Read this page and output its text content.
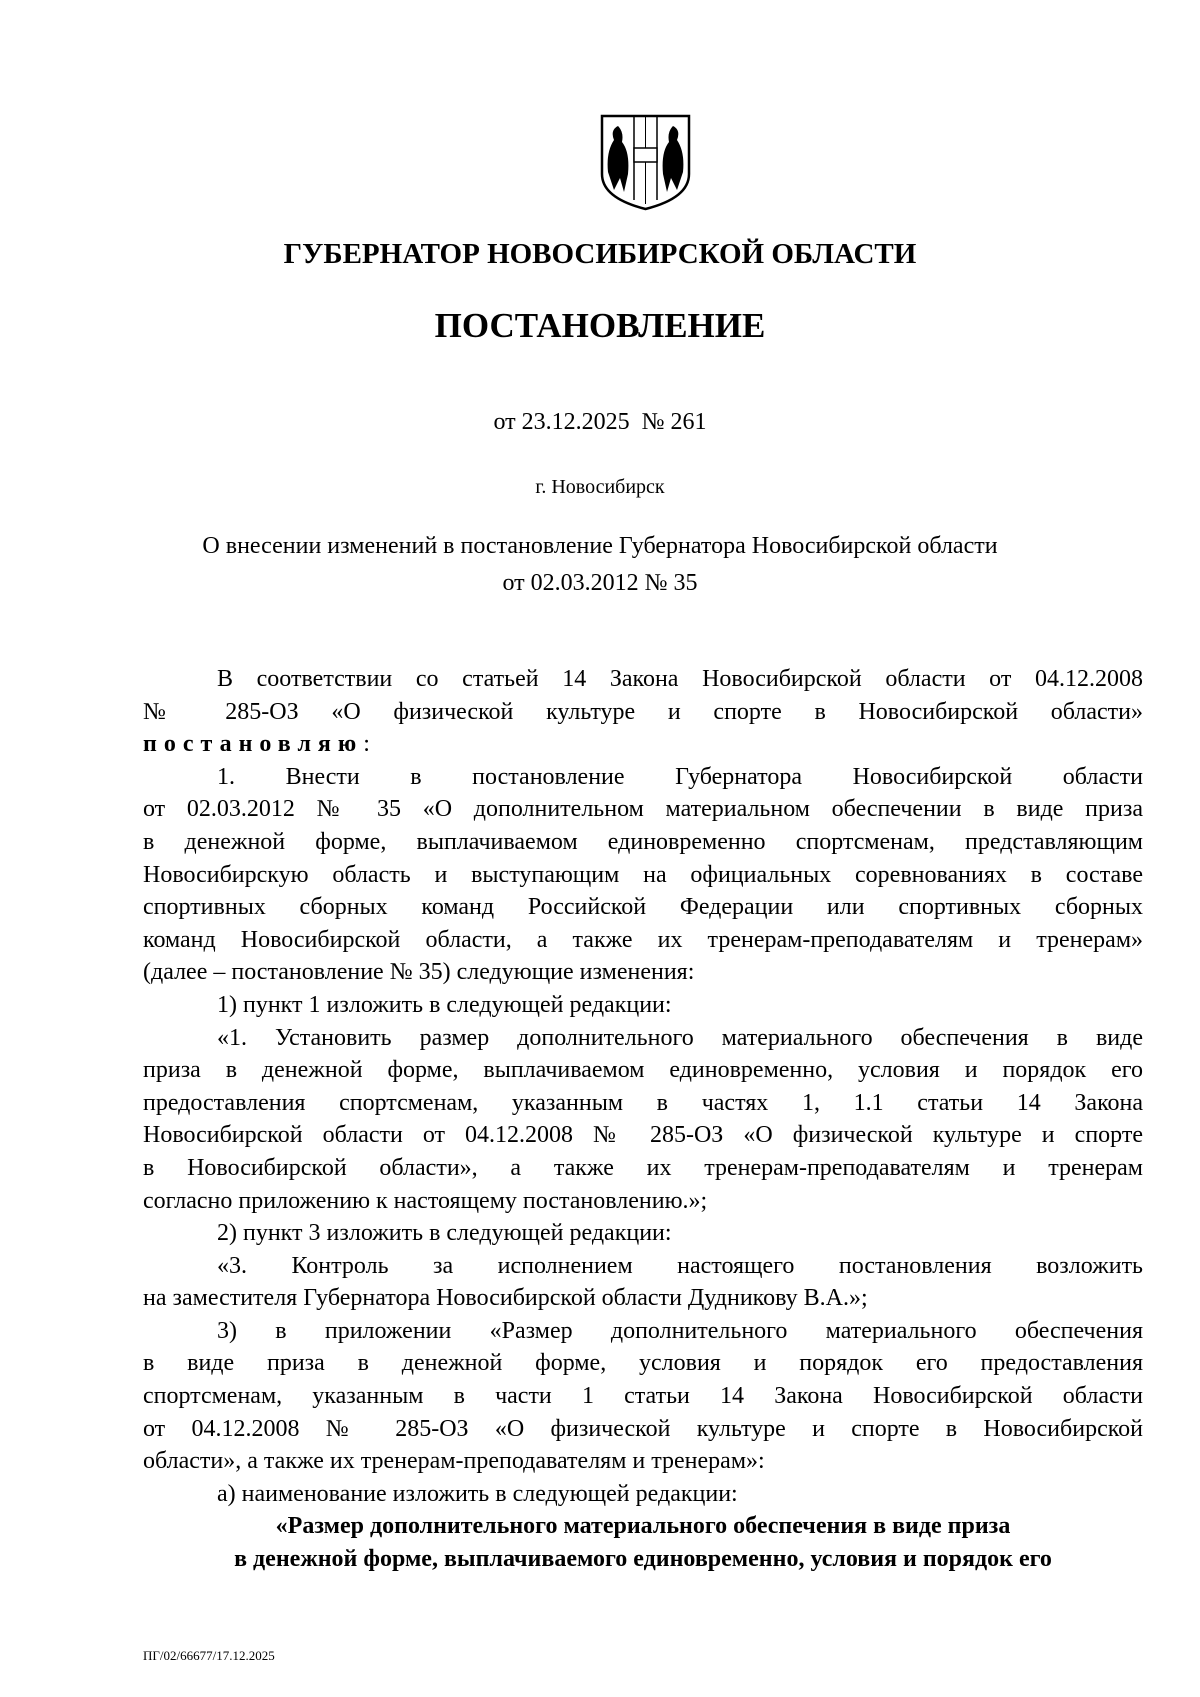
ГУБЕРНАТОР НОВОСИБИРСКОЙ ОБЛАСТИ
ПОСТАНОВЛЕНИЕ
от 23.12.2025  № 261
г. Новосибирск
О внесении изменений в постановление Губернатора Новосибирской области
от 02.03.2012 № 35
В соответствии со статьей 14 Закона Новосибирской области от 04.12.2008
№ 285-ОЗ «О физической культуре и спорте в Новосибирской области»
постановляю:
1. Внести в постановление Губернатора Новосибирской области
от 02.03.2012 № 35 «О дополнительном материальном обеспечении в виде приза
в денежной форме, выплачиваемом единовременно спортсменам, представляющим
Новосибирскую область и выступающим на официальных соревнованиях в составе
спортивных сборных команд Российской Федерации или спортивных сборных
команд Новосибирской области, а также их тренерам-преподавателям и тренерам»
(далее – постановление № 35) следующие изменения:
1) пункт 1 изложить в следующей редакции:
«1. Установить размер дополнительного материального обеспечения в виде
приза в денежной форме, выплачиваемом единовременно, условия и порядок его
предоставления спортсменам, указанным в частях 1, 1.1 статьи 14 Закона
Новосибирской области от 04.12.2008 № 285-ОЗ «О физической культуре и спорте
в Новосибирской области», а также их тренерам-преподавателям и тренерам
согласно приложению к настоящему постановлению.»;
2) пункт 3 изложить в следующей редакции:
«3. Контроль за исполнением настоящего постановления возложить
на заместителя Губернатора Новосибирской области Дудникову В.А.»;
3) в приложении «Размер дополнительного материального обеспечения
в виде приза в денежной форме, условия и порядок его предоставления
спортсменам, указанным в части 1 статьи 14 Закона Новосибирской области
от 04.12.2008 № 285-ОЗ «О физической культуре и спорте в Новосибирской
области», а также их тренерам-преподавателям и тренерам»:
а) наименование изложить в следующей редакции:
«Размер дополнительного материального обеспечения в виде приза
в денежной форме, выплачиваемого единовременно, условия и порядок его
ПГ/02/66677/17.12.2025
